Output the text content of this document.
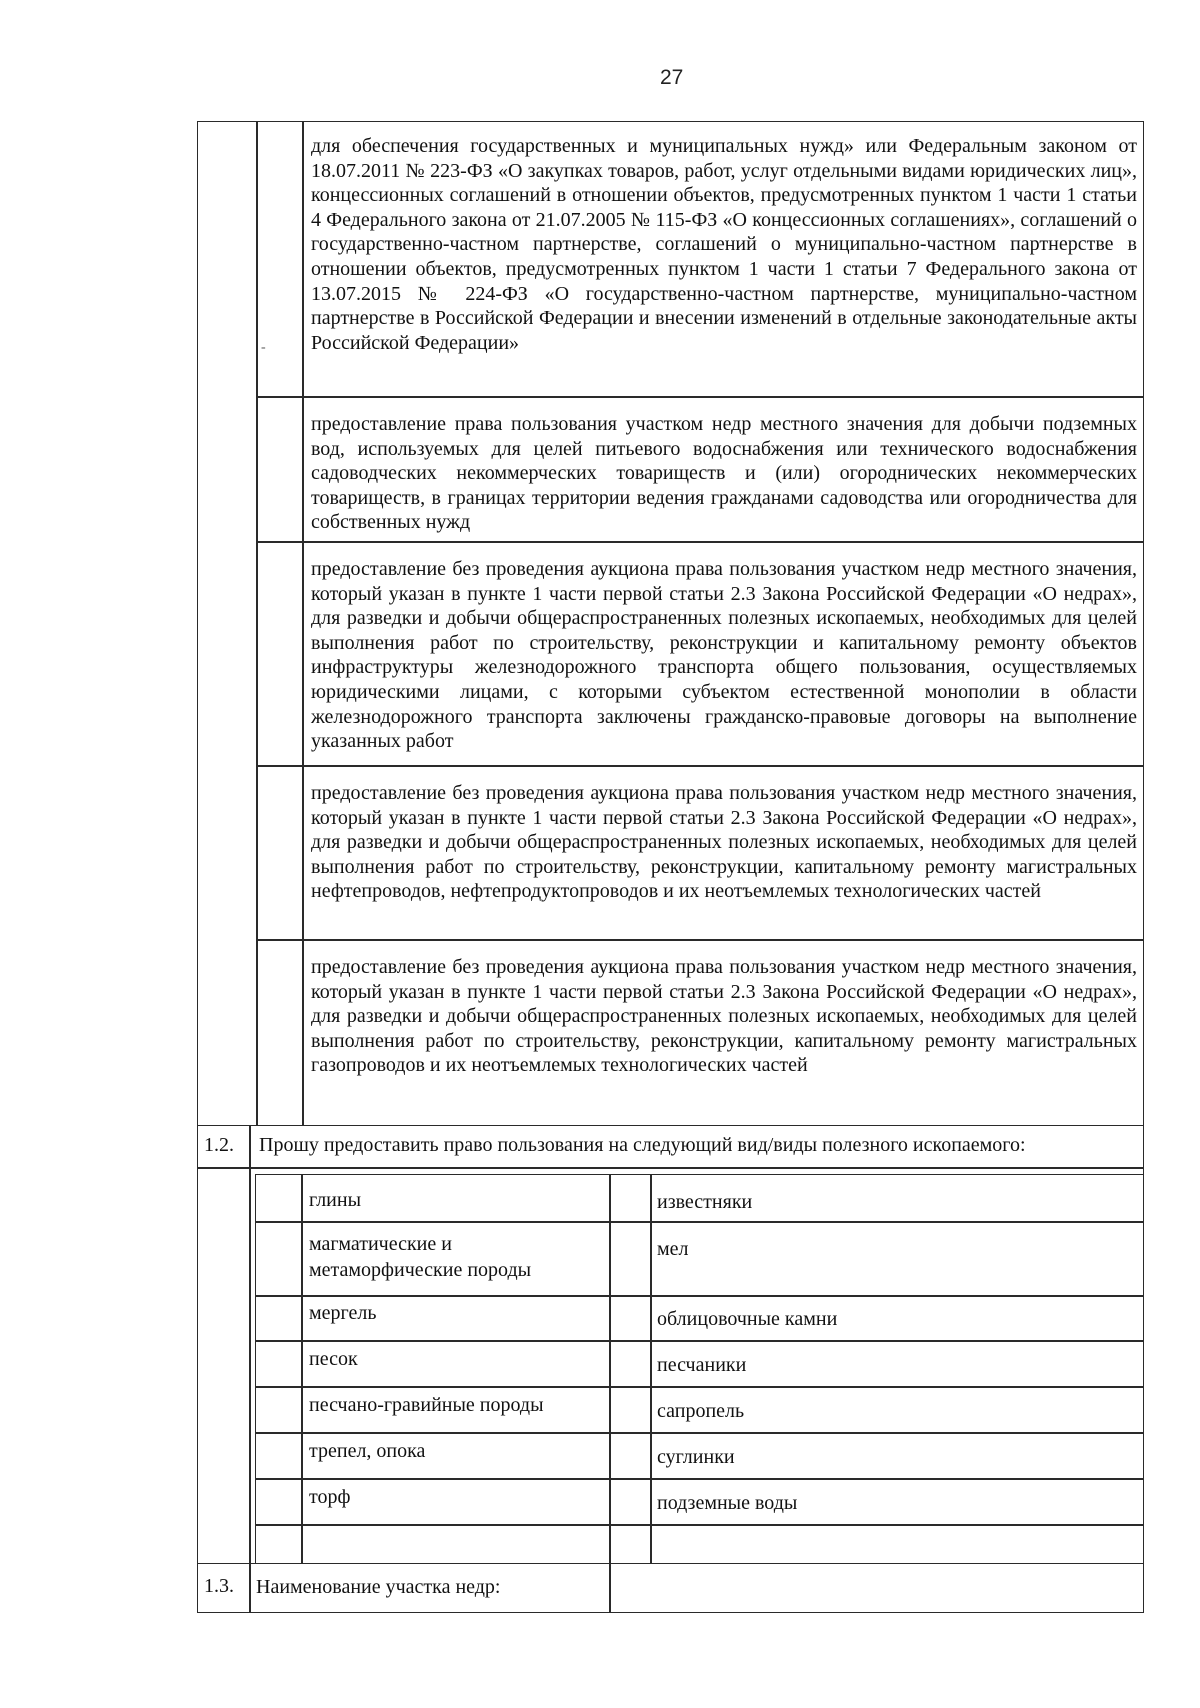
27
-
для обеспечения государственных и муниципальных нужд» или Федеральным законом от 18.07.2011 № 223-ФЗ «О закупках товаров, работ, услуг отдельными видами юридических лиц», концессионных соглашений в отношении объектов, предусмотренных пунктом 1 части 1 статьи 4 Федерального закона от 21.07.2005 № 115-ФЗ «О концессионных соглашениях», соглашений о государственно-частном партнерстве, соглашений о муниципально-частном партнерстве в отношении объектов, предусмотренных пунктом 1 части 1 статьи 7 Федерального закона от 13.07.2015 № 224-ФЗ «О государственно-частном партнерстве, муниципально-частном партнерстве в Российской Федерации и внесении изменений в отдельные законодательные акты Российской Федерации»
предоставление права пользования участком недр местного значения для добычи подземных вод, используемых для целей питьевого водоснабжения или технического водоснабжения садоводческих некоммерческих товариществ и (или) огороднических некоммерческих товариществ, в границах территории ведения гражданами садоводства или огородничества для собственных нужд
предоставление без проведения аукциона права пользования участком недр местного значения, который указан в пункте 1 части первой статьи 2.3 Закона Российской Федерации «О недрах», для разведки и добычи общераспространенных полезных ископаемых, необходимых для целей выполнения работ по строительству, реконструкции и капитальному ремонту объектов инфраструктуры железнодорожного транспорта общего пользования, осуществляемых юридическими лицами, с которыми субъектом естественной монополии в области железнодорожного транспорта заключены гражданско-правовые договоры на выполнение указанных работ
предоставление без проведения аукциона права пользования участком недр местного значения, который указан в пункте 1 части первой статьи 2.3 Закона Российской Федерации «О недрах», для разведки и добычи общераспространенных полезных ископаемых, необходимых для целей выполнения работ по строительству, реконструкции, капитальному ремонту магистральных нефтепроводов, нефтепродуктопроводов и их неотъемлемых технологических частей
предоставление без проведения аукциона права пользования участком недр местного значения, который указан в пункте 1 части первой статьи 2.3 Закона Российской Федерации «О недрах», для разведки и добычи общераспространенных полезных ископаемых, необходимых для целей выполнения работ по строительству, реконструкции, капитальному ремонту магистральных газопроводов и их неотъемлемых технологических частей
1.2. Прошу предоставить право пользования на следующий вид/виды полезного ископаемого:
глины
магматические и метаморфические породы
мергель
песок
песчано-гравийные породы
трепел, опока
торф
известняки
мел
облицовочные камни
песчаники
сапропель
суглинки
подземные воды
1.3. Наименование участка недр:
